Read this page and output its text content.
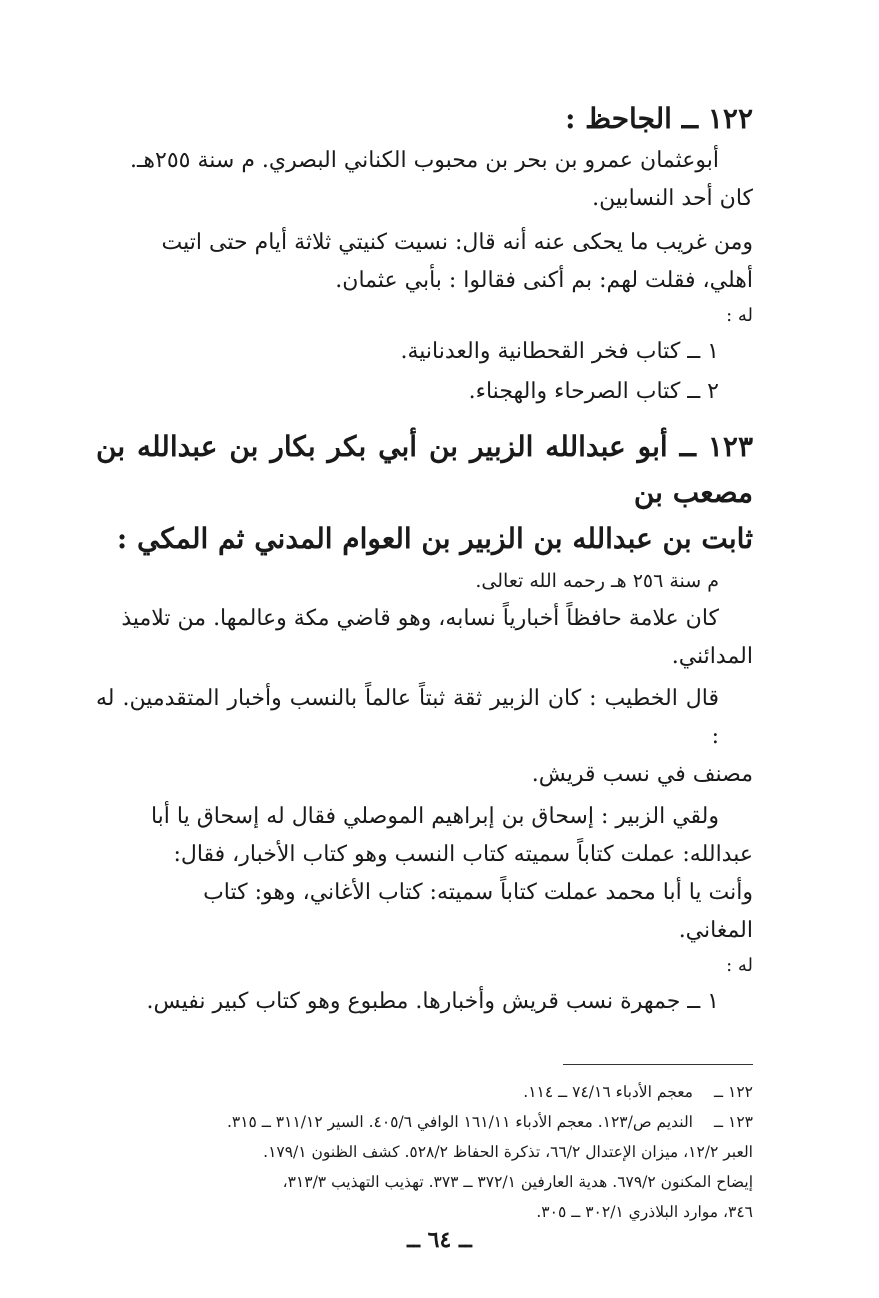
١٢٢ ــ الجاحظ :

أبوعثمان عمرو بن بحر بن محبوب الكناني البصري. م سنة ٢٥٥هـ.

كان أحد النسابين.

ومن غريب ما يحكى عنه أنه قال: نسيت كنيتي ثلاثة أيام حتى اتيت

أهلي، فقلت لهم: بم أكنى فقالوا : بأبي عثمان.

له :

١ ــ كتاب فخر القحطانية والعدنانية.
٢ ــ كتاب الصرحاء والهجناء.
١٢٣ ــ أبو عبدالله الزبير بن أبي بكر بكار بن عبدالله بن مصعب بن
ثابت بن عبدالله بن الزبير بن العوام المدني ثم المكي :

م سنة ٢٥٦ هـ رحمه الله تعالى.

كان علامة حافظاً أخبارياً نسابه، وهو قاضي مكة وعالمها. من تلاميذ

المدائني.

قال الخطيب : كان الزبير ثقة ثبتاً عالماً بالنسب وأخبار المتقدمين. له :

مصنف في نسب قريش.

ولقي الزبير : إسحاق بن إبراهيم الموصلي فقال له إسحاق يا أبا

عبدالله: عملت كتاباً سميته كتاب النسب وهو كتاب الأخبار، فقال:

وأنت يا أبا محمد عملت كتاباً سميته: كتاب الأغاني، وهو: كتاب

المغاني.

له :

١ ــ جمهرة نسب قريش وأخبارها. مطبوع وهو كتاب كبير نفيس.
١٢٢ ــ
معجم الأدباء ٧٤/١٦ ــ ١١٤.
١٢٣ ــ
النديم ص/١٢٣. معجم الأدباء ١٦١/١١ الوافي ٤٠٥/٦. السير ٣١١/١٢ ــ ٣١٥.
العبر ١٢/٢، ميزان الإعتدال ٦٦/٢، تذكرة الحفاظ ٥٢٨/٢. كشف الظنون ١٧٩/١.
إيضاح المكنون ٦٧٩/٢. هدية العارفين ٣٧٢/١ ــ ٣٧٣. تهذيب التهذيب ٣١٣/٣،
٣٤٦، موارد البلاذري ٣٠٢/١ ــ ٣٠٥.
ــ ٦٤ ــ
